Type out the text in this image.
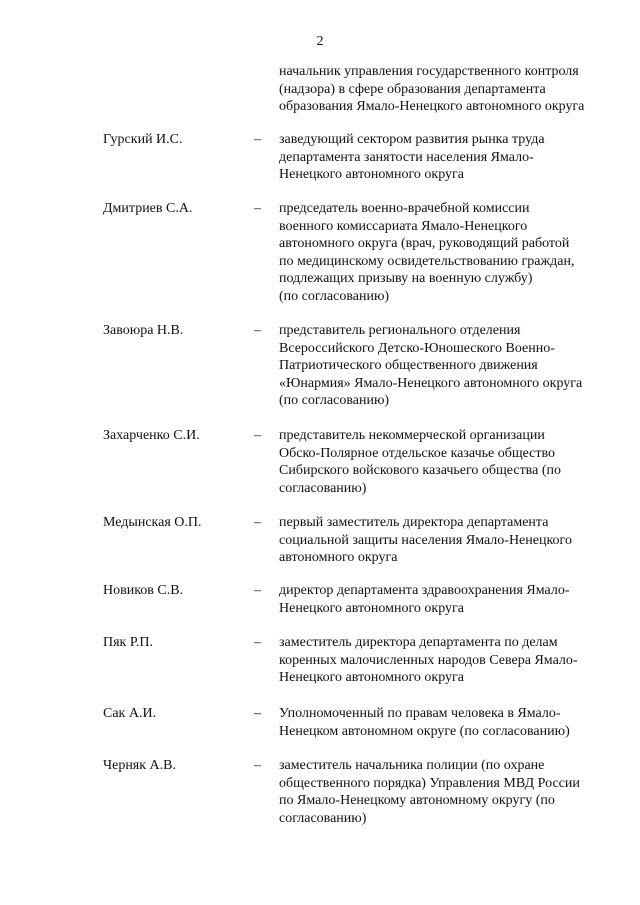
2
начальник управления государственного контроля
(надзора) в сфере образования департамента
образования Ямало-Ненецкого автономного округа
Гурский И.С.	– заведующий сектором развития рынка труда
департамента занятости населения Ямало-
Ненецкого автономного округа
Дмитриев С.А.	– председатель военно-врачебной комиссии
военного комиссариата Ямало-Ненецкого
автономного округа (врач, руководящий работой
по медицинскому освидетельствованию граждан,
подлежащих призыву на военную службу)
(по согласованию)
Завоюра Н.В.	– представитель регионального отделения
Всероссийского Детско-Юношеского Военно-
Патриотического общественного движения
«Юнармия» Ямало-Ненецкого автономного округа
(по согласованию)
Захарченко С.И.	– представитель некоммерческой организации
Обско-Полярное отдельское казачье общество
Сибирского войскового казачьего общества (по
согласованию)
Медынская О.П.	– первый заместитель директора департамента
социальной защиты населения Ямало-Ненецкого
автономного округа
Новиков С.В.	– директор департамента здравоохранения Ямало-
Ненецкого автономного округа
Пяк Р.П.	– заместитель директора департамента по делам
коренных малочисленных народов Севера Ямало-
Ненецкого автономного округа
Сак А.И.	– Уполномоченный по правам человека в Ямало-
Ненецком автономном округе (по согласованию)
Черняк А.В.	– заместитель начальника полиции (по охране
общественного порядка) Управления МВД России
по Ямало-Ненецкому автономному округу (по
согласованию)
